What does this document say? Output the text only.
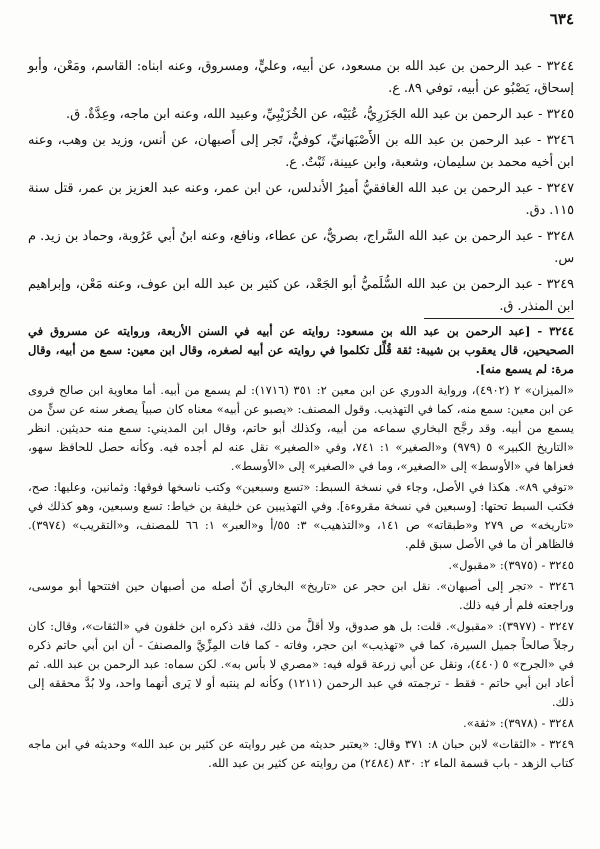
٦٣٤

٣٢٤٤ - عبد الرحمن بن عبد الله بن مسعود، عن أبيه، وعليٍّ، ومسروق، وعنه ابناه: القاسم، ومَعْن، وأبو إسحاق، يَصْبُو عن أبيه، توفي ٨٩. ع.

٣٢٤٥ - عبد الرحمن بن عبد الله الجَزَرِيُّ، عُبَيْه، عن الخُزَيْبِيِّ، وعبيد الله، وعنه ابن ماجه، وعِدَّةٌ. ق.

٣٢٤٦ - عبد الرحمن بن عبد الله بن الأَصْبَهانيِّ، كوفيٌّ، تَجر إلى أَصبهان، عن أنس، وزيد بن وهب، وعنه ابن أخيه محمد بن سليمان، وشعبة، وابن عيينة، ثَبْتٌ. ع.

٣٢٤٧ - عبد الرحمن بن عبد الله الغافقيُّ أميرُ الأندلس، عن ابن عمر، وعنه عبد العزيز بن عمر، قتل سنة ١١٥. دق.

٣٢٤٨ - عبد الرحمن بن عبد الله السَّراج، بصريٌّ، عن عطاء، ونافع، وعنه ابنُ أبي عَرُوبة، وحماد بن زيد. م س.

٣٢٤٩ - عبد الرحمن بن عبد الله السُّلَميُّ أبو الجَعْد، عن كثير بن عبد الله ابن عوف، وعنه مَعْن، وإبراهيم ابن المنذر. ق.

٣٢٤٤ - [عبد الرحمن بن عبد الله بن مسعود: روايته عن أبيه في السنن الأربعة، وروايته عن مسروق في الصحيحين، قال يعقوب بن شيبة: ثقة قُلِّل تكلموا في روايته عن أبيه لصغره، وقال ابن معين: سمع من أبيه، وقال مرة: لم يسمع منه].

«الميزان» ٢ (٤٩٠٢)، ورواية الدوري عن ابن معين ٢: ٣٥١ (١٧١٦): لم يسمع من أبيه. أما معاوية ابن صالح فروى عن ابن معين: سمع منه، كما في التهذيب. وقول المصنف: «يصبو عن أبيه» معناه كان صبياً يصغر سنه عن سنٍّ من يسمع من أبيه. وقد رجَّح البخاري سماعه من أبيه، وكذلك أبو حاتم، وقال ابن المديني: سمع منه حديثين. انظر «التاريخ الكبير» ٥ (٩٧٩) و«الصغير» ١: ٧٤١، وفي «الصغير» نقل عنه لم أجده فيه. وكأنه حصل للحافظ سهو، فعزاها في «الأوسط» إلى «الصغير»، وما في «الصغير» إلى «الأوسط».

«توفي ٨٩». هكذا في الأصل، وجاء في نسخة السبط: «تسع وسبعين» وكتب ناسخها فوقها: وثمانين، وعليها: صح، فكتب السبط تحتها: [وسبعين في نسخة مقروءة]. وفي التهذيبين عن خليفة بن خياط: تسع وسبعين، وهو كذلك في «تاريخه» ص ٢٧٩ و«طبقاته» ص ١٤١، و«التذهيب» ٣: ٥٥/أ و«العبر» ١: ٦٦ للمصنف، و«التقريب» (٣٩٧٤). فالظاهر أن ما في الأصل سبق قلم.

٣٢٤٥ - (٣٩٧٥): «مقبول».

٣٢٤٦ - «تجر إلى أصبهان». نقل ابن حجر عن «تاريخ» البخاري أنّ أصله من أصبهان حين افتتحها أبو موسى، وراجعته فلم أر فيه ذلك.

٣٢٤٧ - (٣٩٧٧): «مقبول». قلت: بل هو صدوق، ولا أقلَّ من ذلك، فقد ذكره ابن خلفون في «الثقات»، وقال: كان رجلاً صالحاً جميل السيرة، كما في «تهذيب» ابن حجر، وفاته - كما فات المِزِّيَّ والمصنفَ - أن ابن أبي حاتم ذكره في «الجرح» ٥ (٤٤٠)، ونقل عن أبي زرعة قوله فيه: «مصري لا بأس به». لكن سماه: عبد الرحمن بن عبد الله. ثم أعاد ابن أبي حاتم - فقط - ترجمته في عبد الرحمن (١٢١١) وكأنه لم ينتبه أو لا يَرى أنهما واحد، ولا بُدَّ محققه إلى ذلك.

٣٢٤٨ - (٣٩٧٨): «ثقة».

٣٢٤٩ - «الثقات» لابن حبان ٨: ٣٧١ وقال: «يعتبر حديثه من غير روايته عن كثير بن عبد الله» وحديثه في ابن ماجه كتاب الزهد - باب قسمة الماء ٢: ٨٣٠ (٢٤٨٤) من روايته عن كثير بن عبد الله.
